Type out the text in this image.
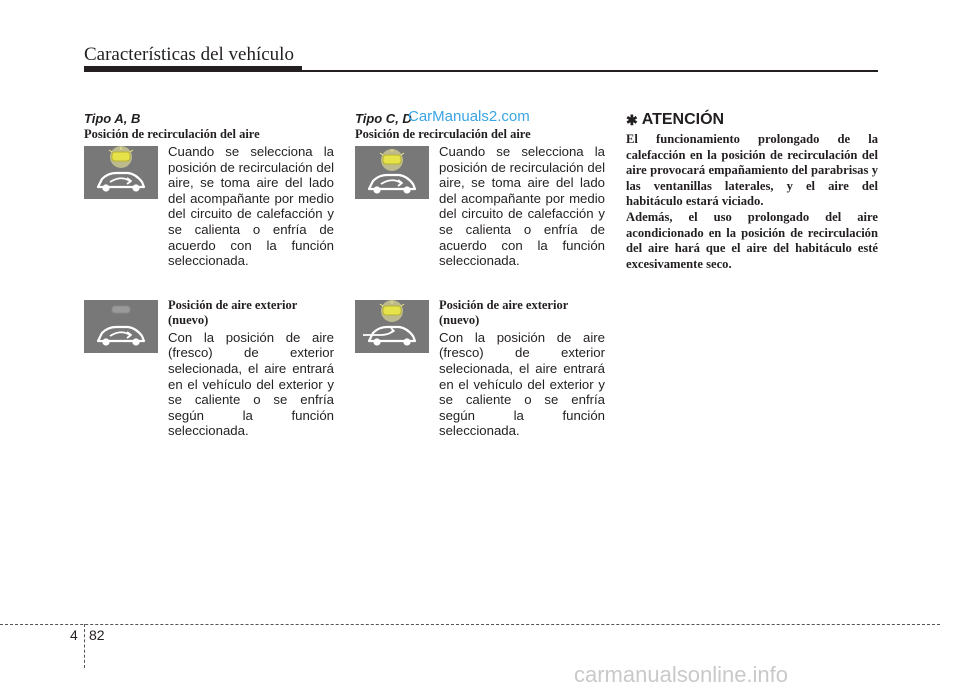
Características del vehículo
Tipo A, B
Posición de recirculación del aire
Cuando se selecciona la posición de recirculación del aire, se toma aire del lado del acompañante por medio del circuito de calefacción y se calienta o enfría de acuerdo con la función seleccionada.
Posición de aire exterior (nuevo)
Con la posición de aire (fresco) de exterior selecionada, el aire entrará en el vehículo del exterior y se caliente o se enfría según la función seleccionada.
Tipo C, D
Posición de recirculación del aire
Cuando se selecciona la posición de recirculación del aire, se toma aire del lado del acompañante por medio del circuito de calefacción y se calienta o enfría de acuerdo con la función seleccionada.
Posición de aire exterior (nuevo)
Con la posición de aire (fresco) de exterior selecionada, el aire entrará en el vehículo del exterior y se caliente o se enfría según la función seleccionada.
CarManuals2.com	✱ ATENCIÓN

El funcionamiento prolongado de la calefacción en la posición de recirculación del aire provocará empañamiento del parabrisas y las ventanillas laterales, y el aire del habitáculo estará viciado.

Además, el uso prolongado del aire acondicionado en la posición de recirculación del aire hará que el aire del habitáculo esté excesivamente seco.

4 82
carmanualsonline.info
